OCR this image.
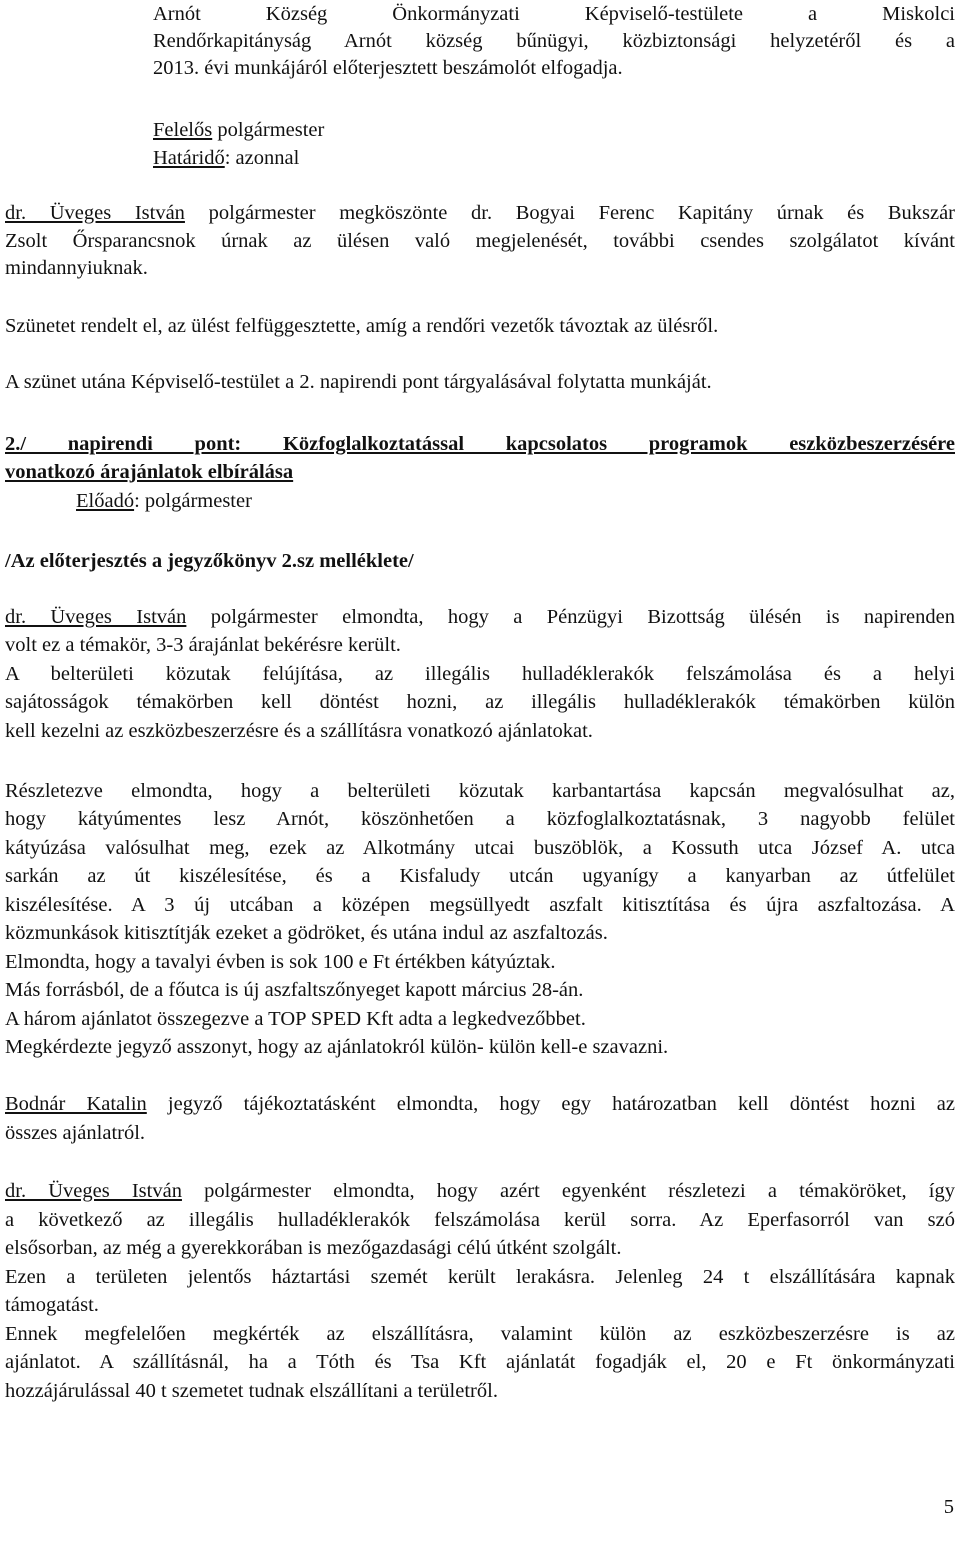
Arnót Község Önkormányzati Képviselő-testülete a Miskolci
Rendőrkapitányság Arnót község bűnügyi, közbiztonsági helyzetéről és a
2013. évi munkájáról előterjesztett beszámolót elfogadja.
Felelős polgármester
Határidő: azonnal
dr. Üveges István polgármester megköszönte dr. Bogyai Ferenc Kapitány úrnak és Bukszár
Zsolt Őrsparancsnok úrnak az ülésen való megjelenését, további csendes szolgálatot kívánt
mindannyiuknak.
Szünetet rendelt el, az ülést felfüggesztette, amíg a rendőri vezetők távoztak az ülésről.
A szünet utána Képviselő-testület a 2. napirendi pont tárgyalásával folytatta munkáját.
2./ napirendi pont: Közfoglalkoztatással kapcsolatos programok eszközbeszerzésére
vonatkozó árajánlatok elbírálása
Előadó: polgármester
/Az előterjesztés a jegyzőkönyv 2.sz melléklete/
dr. Üveges István polgármester elmondta, hogy a Pénzügyi Bizottság ülésén is napirenden
volt ez a témakör, 3-3 árajánlat bekérésre került.
A belterületi közutak felújítása, az illegális hulladéklerakók felszámolása és a helyi
sajátosságok témakörben kell döntést hozni, az illegális hulladéklerakók témakörben külön
kell kezelni az eszközbeszerzésre és a szállításra vonatkozó ajánlatokat.
Részletezve elmondta, hogy a belterületi közutak karbantartása kapcsán megvalósulhat az,
hogy kátyúmentes lesz Arnót, köszönhetően a közfoglalkoztatásnak, 3 nagyobb felület
kátyúzása valósulhat meg, ezek az Alkotmány utcai buszöblök, a Kossuth utca József A. utca
sarkán az út kiszélesítése, és a Kisfaludy utcán ugyanígy a kanyarban az útfelület
kiszélesítése. A 3 új utcában a középen megsüllyedt aszfalt kitisztítása és újra aszfaltozása. A
közmunkások kitisztítják ezeket a gödröket, és utána indul az aszfaltozás.
Elmondta, hogy a tavalyi évben is sok 100 e Ft értékben kátyúztak.
Más forrásból, de a főutca is új aszfaltszőnyeget kapott március 28-án.
A három ajánlatot összegezve a TOP SPED Kft adta a legkedvezőbbet.
Megkérdezte jegyző asszonyt, hogy az ajánlatokról külön- külön kell-e szavazni.
Bodnár Katalin jegyző tájékoztatásként elmondta, hogy egy határozatban kell döntést hozni az
összes ajánlatról.
dr. Üveges István polgármester elmondta, hogy azért egyenként részletezi a témaköröket, így
a következő az illegális hulladéklerakók felszámolása kerül sorra. Az Eperfasorról van szó
elsősorban, az még a gyerekkorában is mezőgazdasági célú útként szolgált.
Ezen a területen jelentős háztartási szemét került lerakásra. Jelenleg 24 t elszállítására kapnak
támogatást.
Ennek megfelelően megkérték az elszállításra, valamint külön az eszközbeszerzésre is az
ajánlatot. A szállításnál, ha a Tóth és Tsa Kft ajánlatát fogadják el, 20 e Ft önkormányzati
hozzájárulással 40 t szemetet tudnak elszállítani a területről.
5
